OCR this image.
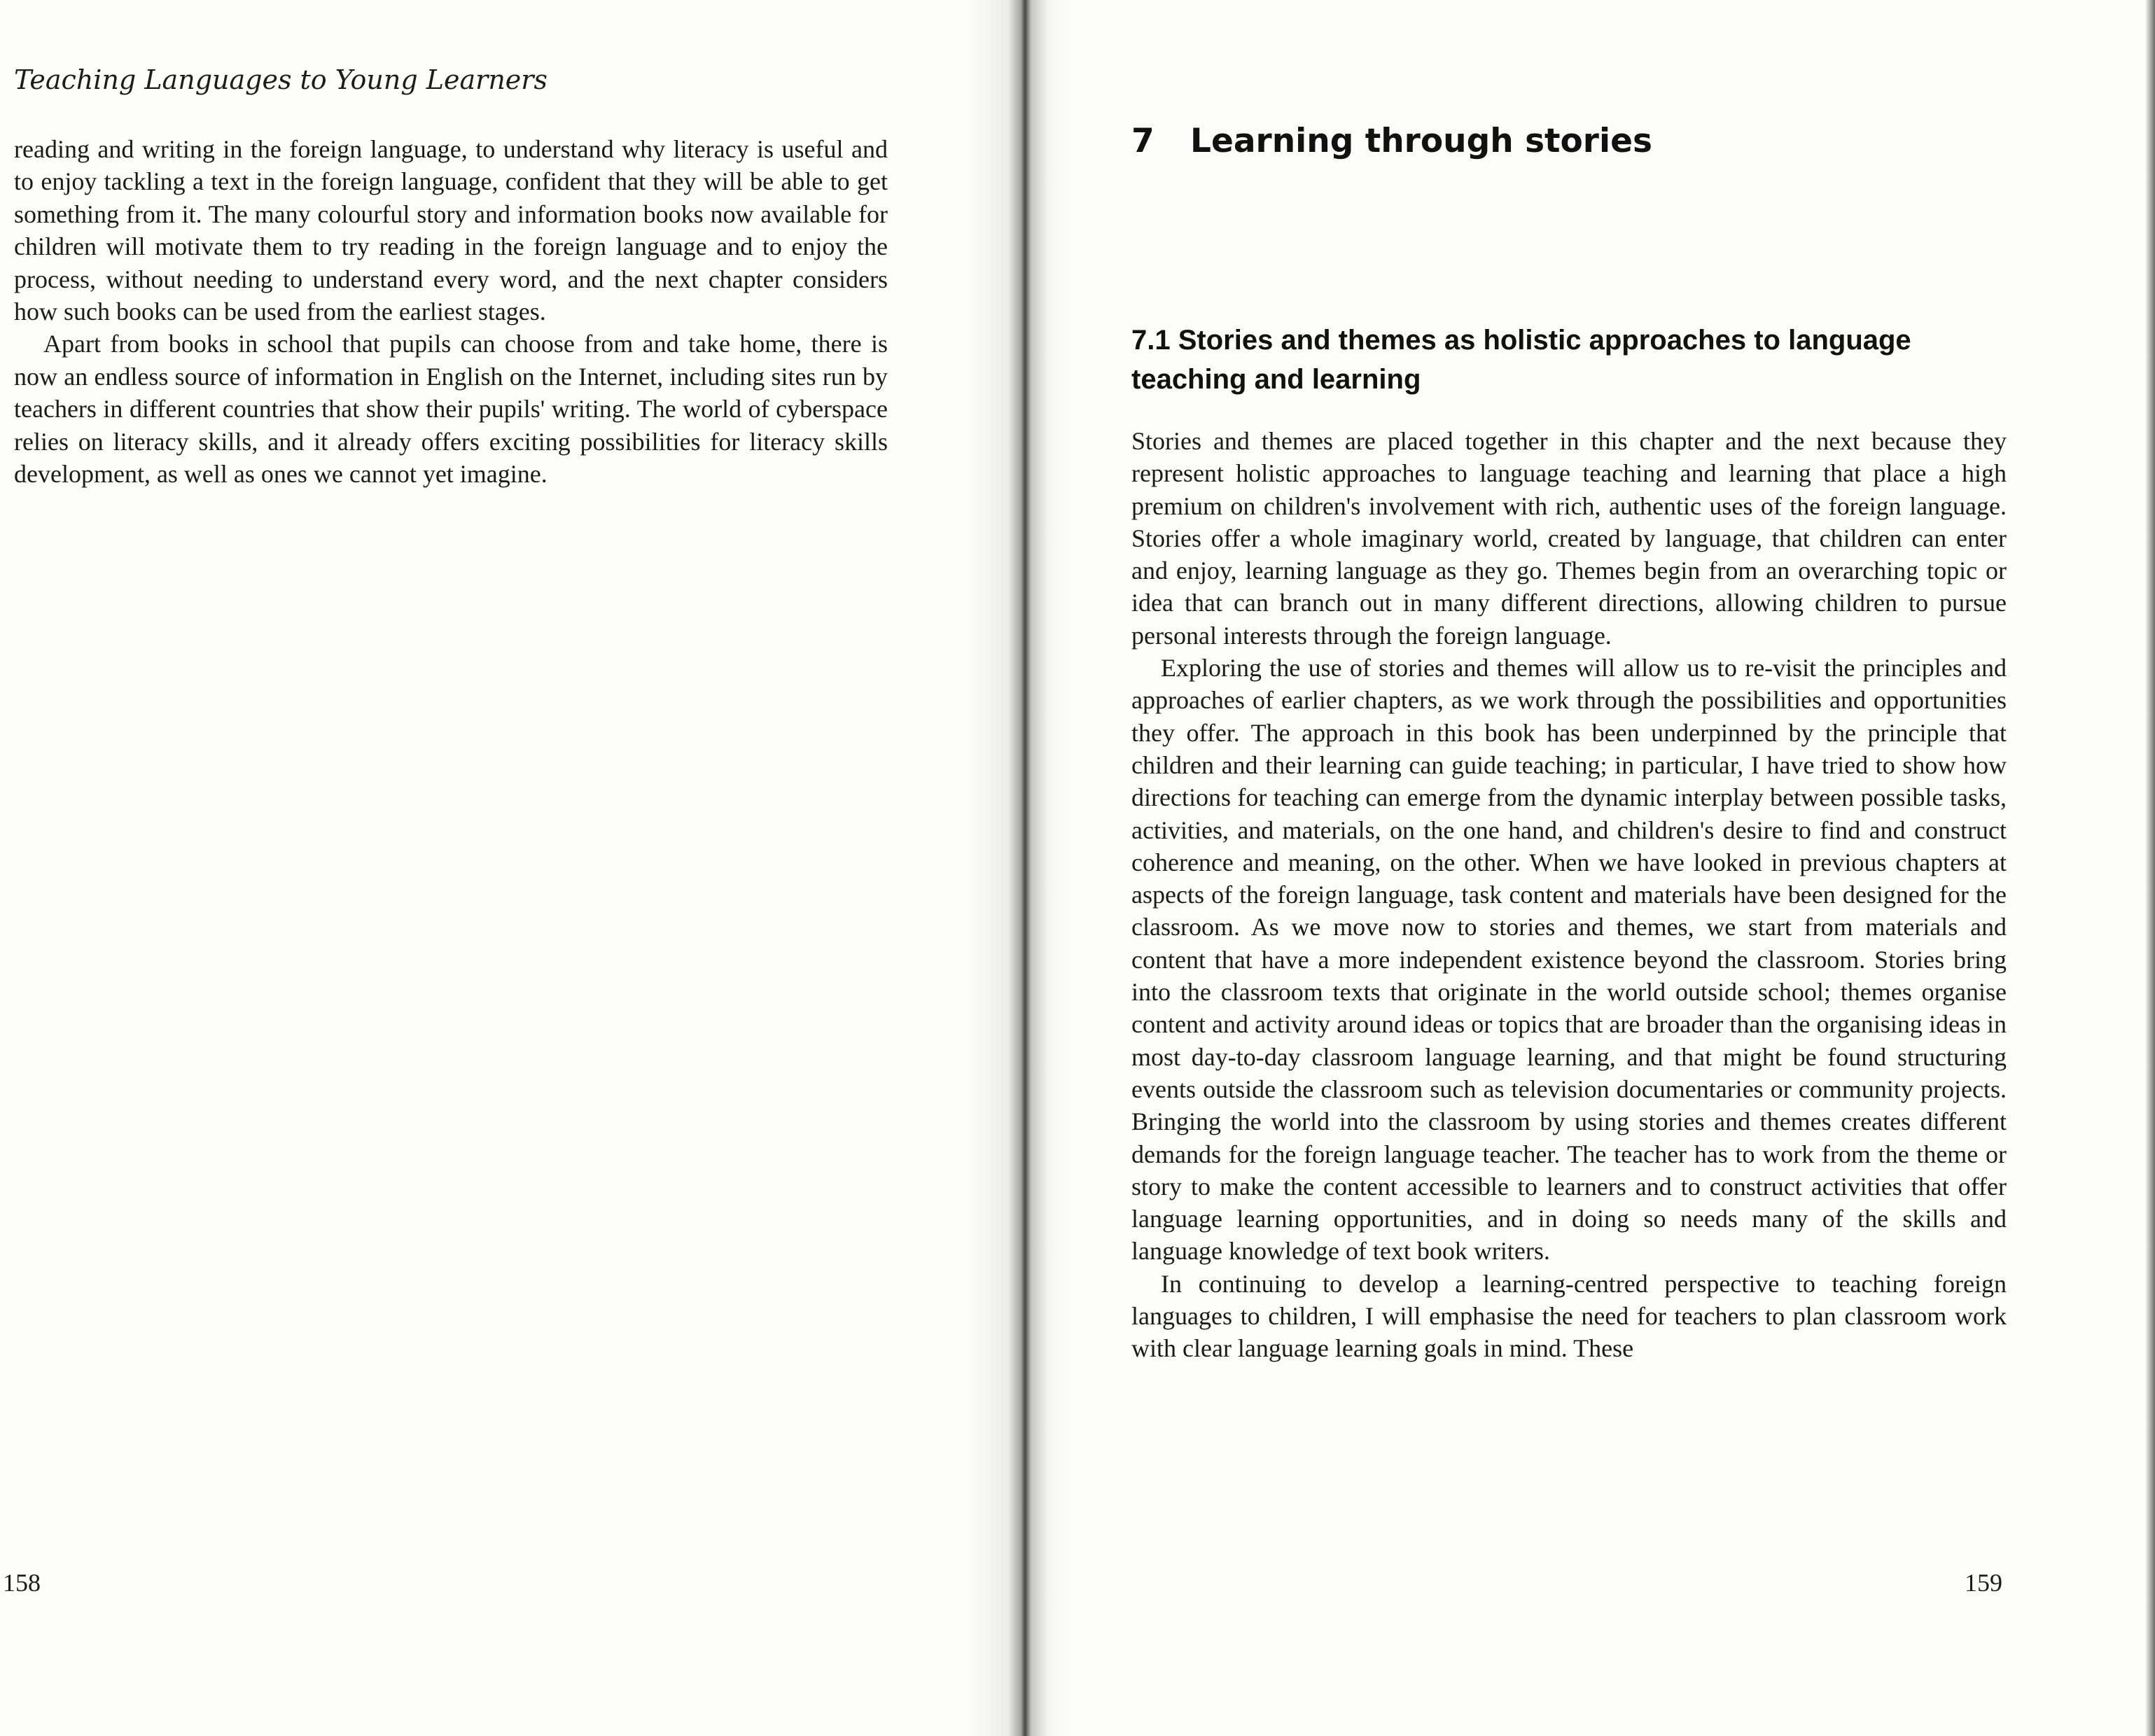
Teaching Languages to Young Learners

reading and writing in the foreign language, to understand why literacy is useful and to enjoy tackling a text in the foreign language, confident that they will be able to get something from it. The many colourful story and information books now available for children will motivate them to try reading in the foreign language and to enjoy the process, without needing to understand every word, and the next chapter considers how such books can be used from the earliest stages.

Apart from books in school that pupils can choose from and take home, there is now an endless source of information in English on the Internet, including sites run by teachers in different countries that show their pupils' writing. The world of cyberspace relies on literacy skills, and it already offers exciting possibilities for literacy skills development, as well as ones we cannot yet imagine.

158

7 Learning through stories
7.1 Stories and themes as holistic approaches to language teaching and learning

Stories and themes are placed together in this chapter and the next because they represent holistic approaches to language teaching and learning that place a high premium on children's involvement with rich, authentic uses of the foreign language. Stories offer a whole imaginary world, created by language, that children can enter and enjoy, learning language as they go. Themes begin from an overarching topic or idea that can branch out in many different directions, allowing children to pursue personal interests through the foreign language.

Exploring the use of stories and themes will allow us to re-visit the principles and approaches of earlier chapters, as we work through the possibilities and opportunities they offer. The approach in this book has been underpinned by the principle that children and their learning can guide teaching; in particular, I have tried to show how directions for teaching can emerge from the dynamic interplay between possible tasks, activities, and materials, on the one hand, and children's desire to find and construct coherence and meaning, on the other. When we have looked in previous chapters at aspects of the foreign language, task content and materials have been designed for the classroom. As we move now to stories and themes, we start from materials and content that have a more independent existence beyond the classroom. Stories bring into the classroom texts that originate in the world outside school; themes organise content and activity around ideas or topics that are broader than the organising ideas in most day-to-day classroom language learning, and that might be found structuring events outside the classroom such as television documentaries or community projects. Bringing the world into the classroom by using stories and themes creates different demands for the foreign language teacher. The teacher has to work from the theme or story to make the content accessible to learners and to construct activities that offer language learning opportunities, and in doing so needs many of the skills and language knowledge of text book writers.

In continuing to develop a learning-centred perspective to teaching foreign languages to children, I will emphasise the need for teachers to plan classroom work with clear language learning goals in mind. These

159
